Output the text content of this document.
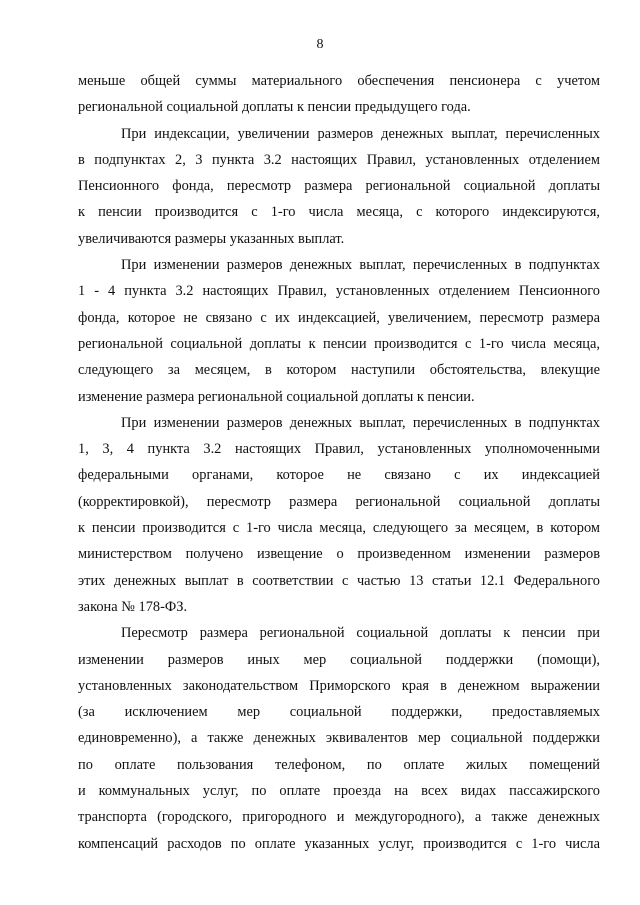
8

меньше общей суммы материального обеспечения пенсионера с учетом
региональной социальной доплаты к пенсии предыдущего года.

При индексации, увеличении размеров денежных выплат, перечисленных
в подпунктах 2, 3 пункта 3.2 настоящих Правил, установленных отделением
Пенсионного фонда, пересмотр размера региональной социальной доплаты
к пенсии производится с 1-го числа месяца, с которого индексируются,
увеличиваются размеры указанных выплат.

При изменении размеров денежных выплат, перечисленных в подпунктах
1 - 4 пункта 3.2 настоящих Правил, установленных отделением Пенсионного
фонда, которое не связано с их индексацией, увеличением, пересмотр размера
региональной социальной доплаты к пенсии производится с 1-го числа месяца,
следующего за месяцем, в котором наступили обстоятельства, влекущие
изменение размера региональной социальной доплаты к пенсии.

При изменении размеров денежных выплат, перечисленных в подпунктах
1, 3, 4 пункта 3.2 настоящих Правил, установленных уполномоченными
федеральными органами, которое не связано с их индексацией
(корректировкой), пересмотр размера региональной социальной доплаты
к пенсии производится с 1-го числа месяца, следующего за месяцем, в котором
министерством получено извещение о произведенном изменении размеров
этих денежных выплат в соответствии с частью 13 статьи 12.1 Федерального
закона № 178-ФЗ.

Пересмотр размера региональной социальной доплаты к пенсии при
изменении размеров иных мер социальной поддержки (помощи),
установленных законодательством Приморского края в денежном выражении
(за исключением мер социальной поддержки, предоставляемых
единовременно), а также денежных эквивалентов мер социальной поддержки
по оплате пользования телефоном, по оплате жилых помещений
и коммунальных услуг, по оплате проезда на всех видах пассажирского
транспорта (городского, пригородного и междугородного), а также денежных
компенсаций расходов по оплате указанных услуг, производится с 1-го числа
